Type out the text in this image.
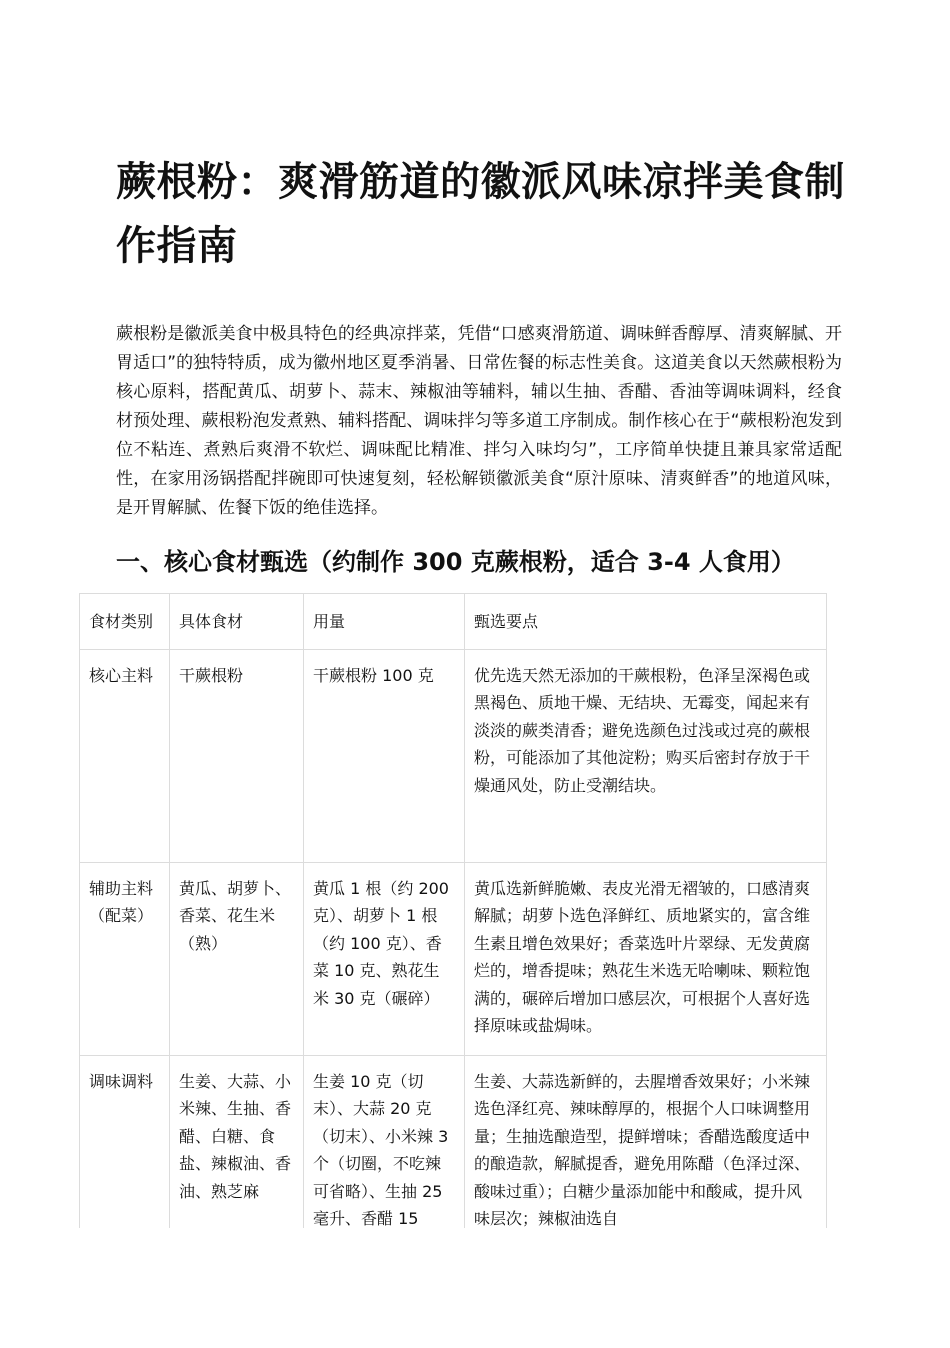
蕨根粉：爽滑筋道的徽派风味凉拌美食制作指南

蕨根粉是徽派美食中极具特色的经典凉拌菜，凭借“口感爽滑筋道、调味鲜香醇厚、清爽解腻、开胃适口”的独特特质，成为徽州地区夏季消暑、日常佐餐的标志性美食。这道美食以天然蕨根粉为核心原料，搭配黄瓜、胡萝卜、蒜末、辣椒油等辅料，辅以生抽、香醋、香油等调味调料，经食材预处理、蕨根粉泡发煮熟、辅料搭配、调味拌匀等多道工序制成。制作核心在于“蕨根粉泡发到位不粘连、煮熟后爽滑不软烂、调味配比精准、拌匀入味均匀”，工序简单快捷且兼具家常适配性，在家用汤锅搭配拌碗即可快速复刻，轻松解锁徽派美食“原汁原味、清爽鲜香”的地道风味，是开胃解腻、佐餐下饭的绝佳选择。

一、核心食材甄选（约制作 300 克蕨根粉，适合 3-4 人食用）
食材类别	具体食材	用量	甄选要点
核心主料	干蕨根粉	干蕨根粉 100 克	优先选天然无添加的干蕨根粉，色泽呈深褐色或黑褐色、质地干燥、无结块、无霉变，闻起来有淡淡的蕨类清香；避免选颜色过浅或过亮的蕨根粉，可能添加了其他淀粉；购买后密封存放于干燥通风处，防止受潮结块。
辅助主料（配菜）	黄瓜、胡萝卜、香菜、花生米（熟）	黄瓜 1 根（约 200 克）、胡萝卜 1 根（约 100 克）、香菜 10 克、熟花生米 30 克（碾碎）	黄瓜选新鲜脆嫩、表皮光滑无褶皱的，口感清爽解腻；胡萝卜选色泽鲜红、质地紧实的，富含维生素且增色效果好；香菜选叶片翠绿、无发黄腐烂的，增香提味；熟花生米选无哈喇味、颗粒饱满的，碾碎后增加口感层次，可根据个人喜好选择原味或盐焗味。
调味调料	生姜、大蒜、小米辣、生抽、香醋、白糖、食盐、辣椒油、香油、熟芝麻	生姜 10 克（切末）、大蒜 20 克（切末）、小米辣 3 个（切圈，不吃辣可省略）、生抽 25 毫升、香醋 15	生姜、大蒜选新鲜的，去腥增香效果好；小米辣选色泽红亮、辣味醇厚的，根据个人口味调整用量；生抽选酿造型，提鲜增味；香醋选酸度适中的酿造款，解腻提香，避免用陈醋（色泽过深、酸味过重）；白糖少量添加能中和酸咸，提升风味层次；辣椒油选自
